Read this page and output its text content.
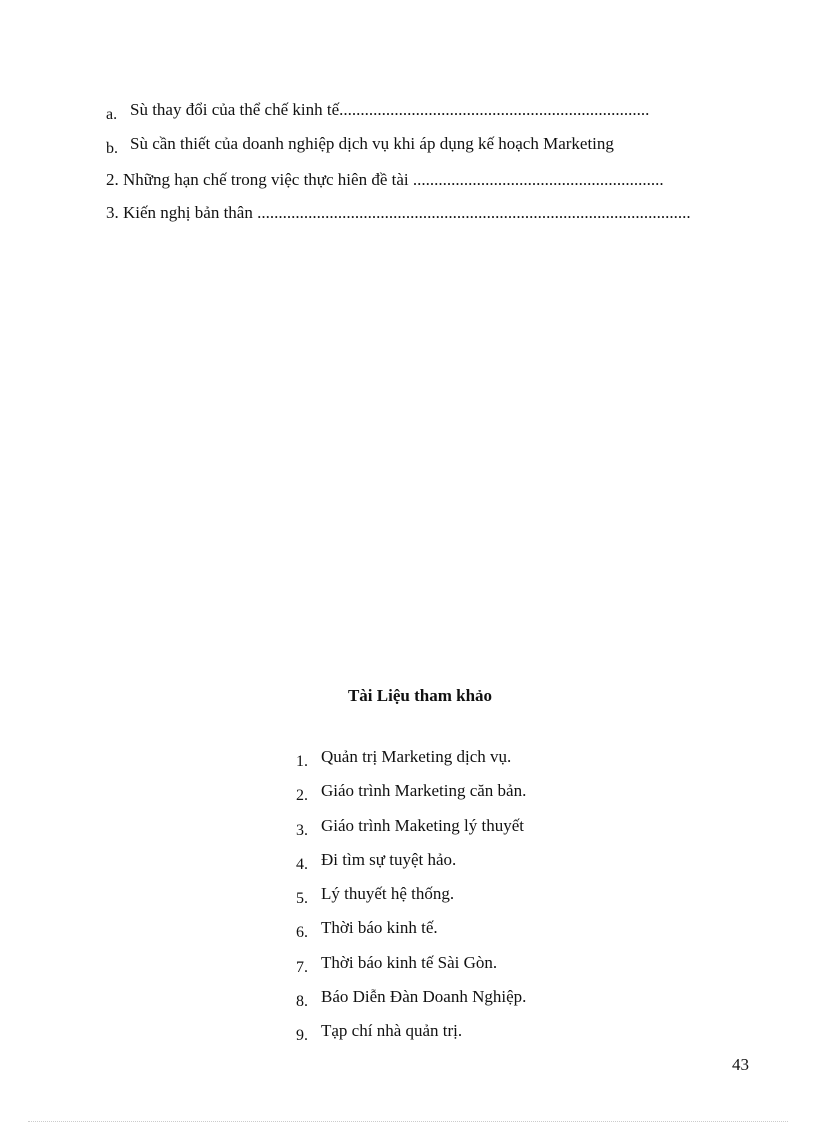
a. Sù thay đổi của thể chế kinh tế.........................................................................
b. Sù cần thiết của doanh nghiệp dịch vụ khi áp dụng kế hoạch Marketing
2. Những hạn chế trong việc thực hiên đề tài ...........................................................
3. Kiến nghị bản thân ......................................................................................................
Tài Liệu tham khảo
1. Quản trị Marketing dịch vụ.
2. Giáo trình Marketing căn bản.
3. Giáo trình Maketing lý thuyết
4. Đi tìm sự tuyệt hảo.
5. Lý thuyết hệ thống.
6. Thời báo kinh tế.
7. Thời báo kinh tế Sài Gòn.
8. Báo Diễn Đàn Doanh Nghiệp.
9. Tạp chí nhà quản trị.
43
